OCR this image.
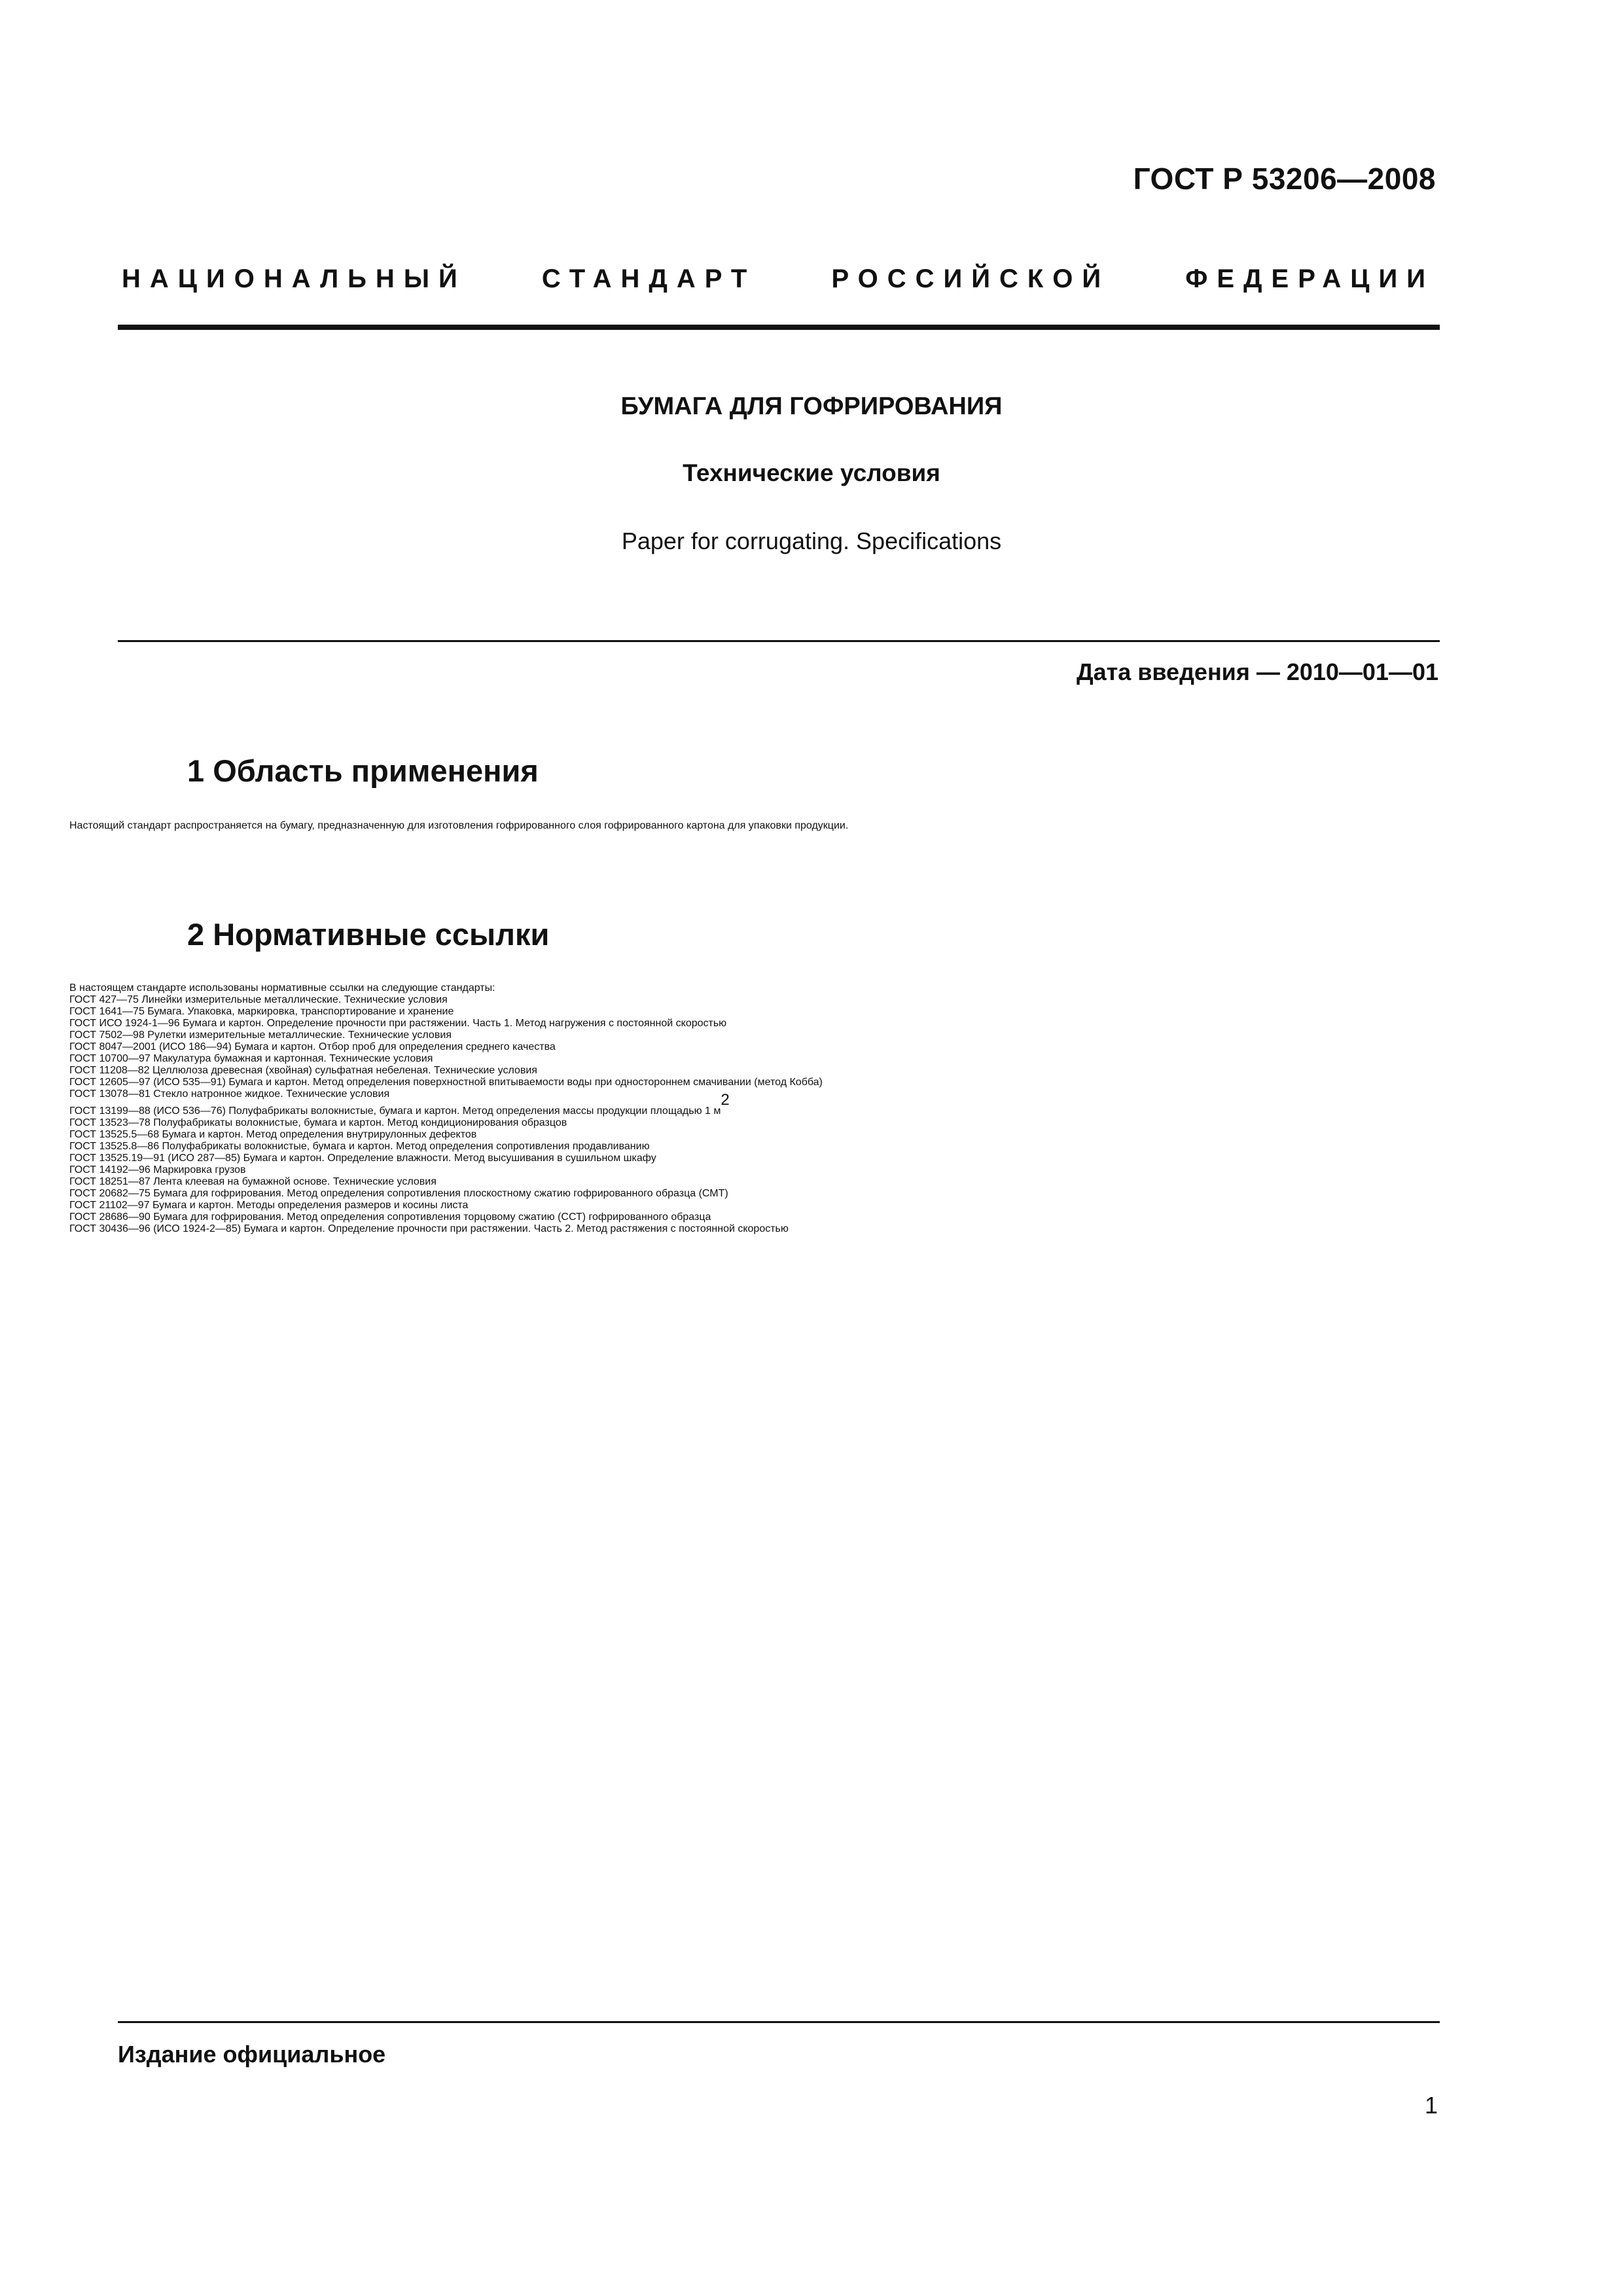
ГОСТ Р 53206—2008
НАЦИОНАЛЬНЫЙ	СТАНДАРТ	РОССИЙСКОЙ	ФЕДЕРАЦИИ
БУМАГА ДЛЯ ГОФРИРОВАНИЯ
Технические условия
Paper for corrugating. Specifications
Дата введения — 2010—01—01
1 Область применения

Настоящий стандарт распространяется на бумагу, предназначенную для изготовления гофрированного слоя гофрированного картона для упаковки продукции.

2 Нормативные ссылки

В настоящем стандарте использованы нормативные ссылки на следующие стандарты:

ГОСТ 427—75 Линейки измерительные металлические. Технические условия

ГОСТ 1641—75 Бумага. Упаковка, маркировка, транспортирование и хранение

ГОСТ ИСО 1924-1—96 Бумага и картон. Определение прочности при растяжении. Часть 1. Метод нагружения с постоянной скоростью

ГОСТ 7502—98 Рулетки измерительные металлические. Технические условия

ГОСТ 8047—2001 (ИСО 186—94) Бумага и картон. Отбор проб для определения среднего качества

ГОСТ 10700—97 Макулатура бумажная и картонная. Технические условия

ГОСТ 11208—82 Целлюлоза древесная (хвойная) сульфатная небеленая. Технические условия

ГОСТ 12605—97 (ИСО 535—91) Бумага и картон. Метод определения поверхностной впитываемости воды при одностороннем смачивании (метод Кобба)

ГОСТ 13078—81 Стекло натронное жидкое. Технические условия

ГОСТ 13199—88 (ИСО 536—76) Полуфабрикаты волокнистые, бумага и картон. Метод определения массы продукции площадью 1 $м^2$

ГОСТ 13523—78 Полуфабрикаты волокнистые, бумага и картон. Метод кондиционирования образцов

ГОСТ 13525.5—68 Бумага и картон. Метод определения внутрирулонных дефектов

ГОСТ 13525.8—86 Полуфабрикаты волокнистые, бумага и картон. Метод определения сопротивления продавливанию

ГОСТ 13525.19—91 (ИСО 287—85) Бумага и картон. Определение влажности. Метод высушивания в сушильном шкафу

ГОСТ 14192—96 Маркировка грузов

ГОСТ 18251—87 Лента клеевая на бумажной основе. Технические условия

ГОСТ 20682—75 Бумага для гофрирования. Метод определения сопротивления плоскостному сжатию гофрированного образца (СМТ)

ГОСТ 21102—97 Бумага и картон. Методы определения размеров и косины листа

ГОСТ 28686—90 Бумага для гофрирования. Метод определения сопротивления торцовому сжатию (ССТ) гофрированного образца

ГОСТ 30436—96 (ИСО 1924-2—85) Бумага и картон. Определение прочности при растяжении. Часть 2. Метод растяжения с постоянной скоростью

Издание официальное
1
